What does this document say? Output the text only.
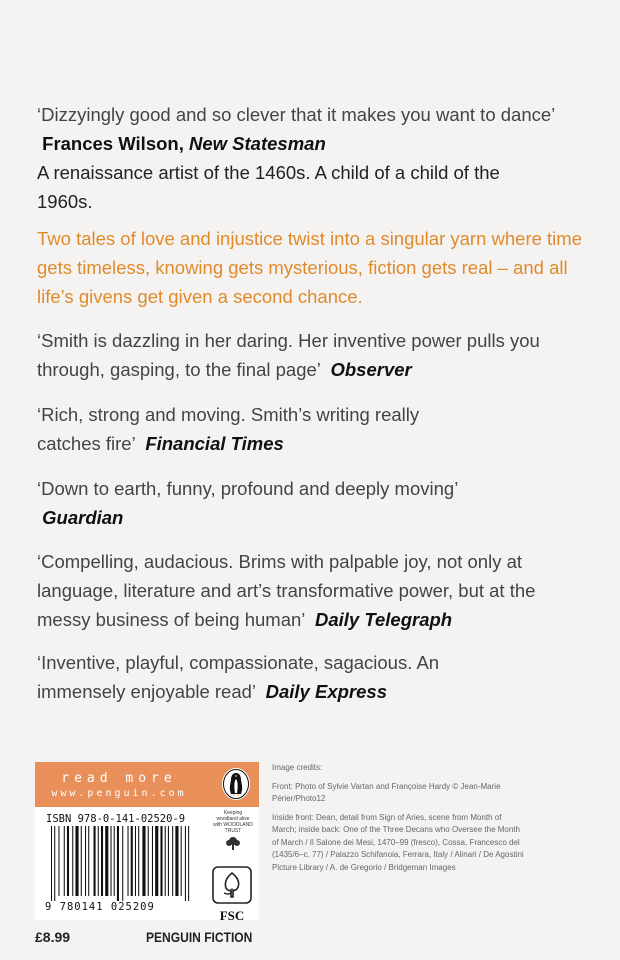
‘Dizzyingly good and so clever that it makes you want to dance’  Frances Wilson, New Statesman

A renaissance artist of the 1460s. A child of a child of the 1960s.

Two tales of love and injustice twist into a singular yarn where time gets timeless, knowing gets mysterious, fiction gets real – and all life’s givens get given a second chance.

‘Smith is dazzling in her daring. Her inventive power pulls you through, gasping, to the final page’ Observer

‘Rich, strong and moving. Smith’s writing really catches fire’ Financial Times

‘Down to earth, funny, profound and deeply moving’  Guardian

‘Compelling, audacious. Brims with palpable joy, not only at language, literature and art’s transformative power, but at the messy business of being human’ Daily Telegraph

‘Inventive, playful, compassionate, sagacious. An immensely enjoyable read’ Daily Express

read more
www.penguin.com
ISBN 978-0-141-02520-9
9 780141 025209
Keeping woodland alive with WOODLAND TRUST
FSC

Image credits:

Front: Photo of Sylvie Vartan and Françoise Hardy © Jean-Marie Périer/Photo12

Inside front: Dean, detail from Sign of Aries, scene from Month of March; inside back: One of the Three Decans who Oversee the Month of March / Il Salone dei Mesi, 1470–99 (fresco), Cossa, Francesco del (1435/6–c. 77) / Palazzo Schifanoia, Ferrara, Italy / Alinari / De Agostini Picture Library / A. de Gregorio / Bridgeman Images

£8.99	PENGUIN FICTION
